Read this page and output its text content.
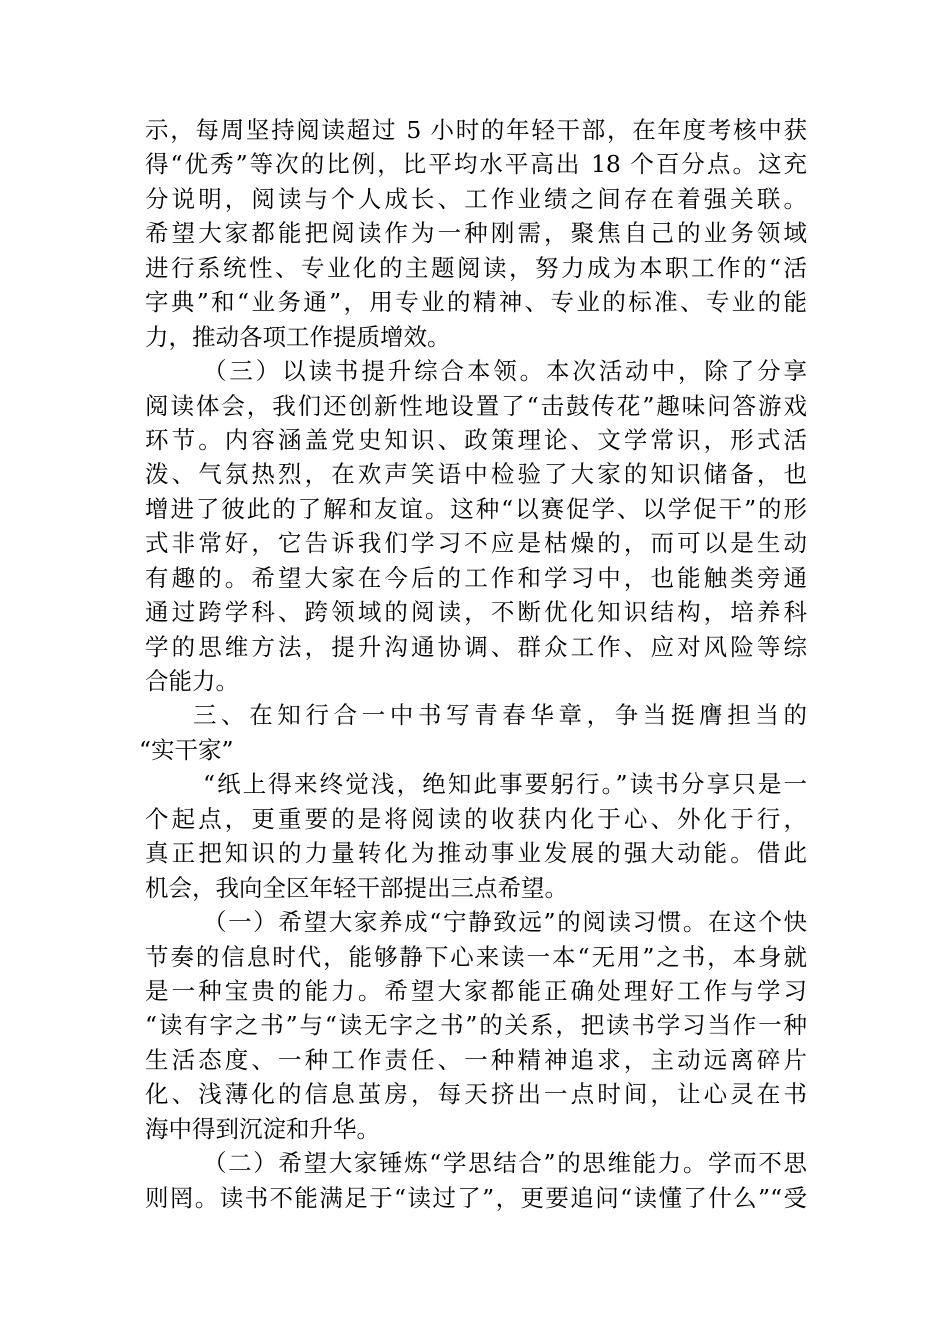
示，每周坚持阅读超过 5 小时的年轻干部，在年度考核中获
得“优秀”等次的比例，比平均水平高出 18 个百分点。这充
分说明，阅读与个人成长、工作业绩之间存在着强关联。
希望大家都能把阅读作为一种刚需，聚焦自己的业务领域
进行系统性、专业化的主题阅读，努力成为本职工作的“活
字典”和“业务通”，用专业的精神、专业的标准、专业的能
力，推动各项工作提质增效。
（三）以读书提升综合本领。本次活动中，除了分享
阅读体会，我们还创新性地设置了“击鼓传花”趣味问答游戏
环节。内容涵盖党史知识、政策理论、文学常识，形式活
泼、气氛热烈，在欢声笑语中检验了大家的知识储备，也
增进了彼此的了解和友谊。这种“以赛促学、以学促干”的形
式非常好，它告诉我们学习不应是枯燥的，而可以是生动
有趣的。希望大家在今后的工作和学习中，也能触类旁通
通过跨学科、跨领域的阅读，不断优化知识结构，培养科
学的思维方法，提升沟通协调、群众工作、应对风险等综
合能力。
三、在知行合一中书写青春华章，争当挺膺担当的
“实干家”
“纸上得来终觉浅，绝知此事要躬行。”读书分享只是一
个起点，更重要的是将阅读的收获内化于心、外化于行，
真正把知识的力量转化为推动事业发展的强大动能。借此
机会，我向全区年轻干部提出三点希望。
（一）希望大家养成“宁静致远”的阅读习惯。在这个快
节奏的信息时代，能够静下心来读一本“无用”之书，本身就
是一种宝贵的能力。希望大家都能正确处理好工作与学习
“读有字之书”与“读无字之书”的关系，把读书学习当作一种
生活态度、一种工作责任、一种精神追求，主动远离碎片
化、浅薄化的信息茧房，每天挤出一点时间，让心灵在书
海中得到沉淀和升华。
（二）希望大家锤炼“学思结合”的思维能力。学而不思
则罔。读书不能满足于“读过了”，更要追问“读懂了什么”“受
